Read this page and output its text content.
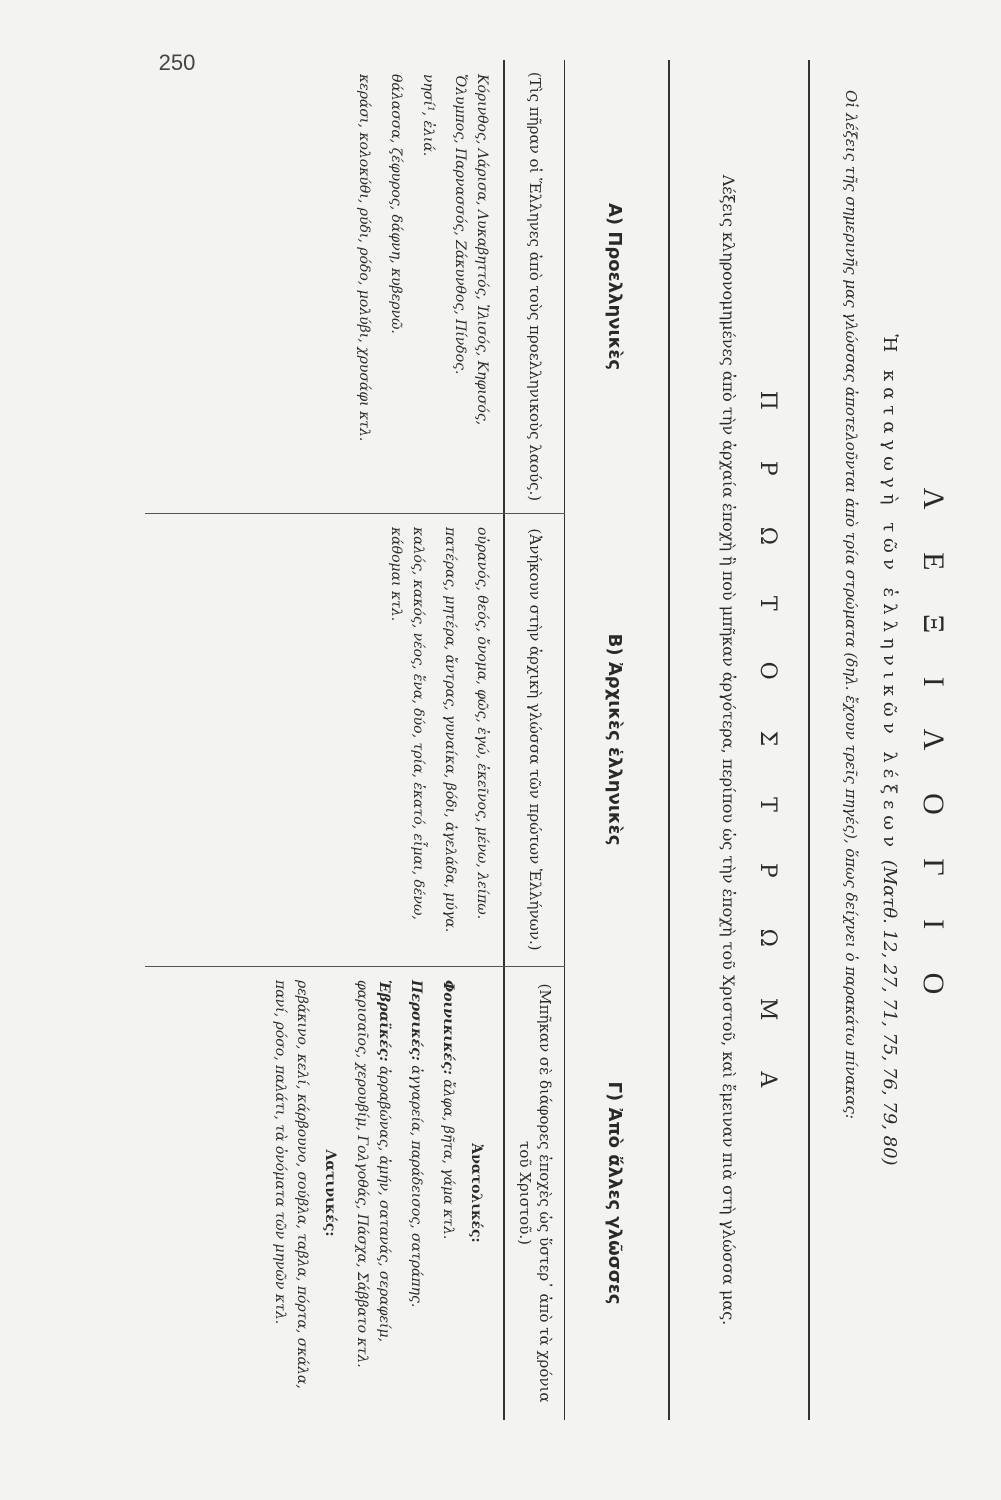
250
Λ Ε Ξ Ι Λ Ο Γ Ι Ο
Ἡ καταγωγὴ τῶν ἑλληνικῶν λέξεων (Ματθ. 12, 27, 71, 75, 76, 79, 80)
Οἱ λέξεις τῆς σημερινῆς μας γλώσσας ἀποτελοῦνται ἀπὸ τρία στρώματα (δηλ. ἔχουν τρεῖς πηγές), ὅπως δείχνει ὁ παρακάτω πίνακας:
Π Ρ Ω Τ Ο Σ Τ Ρ Ω Μ Α
Λέξεις κληρονομημένες ἀπὸ τὴν ἀρχαία ἐποχὴ ἢ ποὺ μπῆκαν ἀργότερα, περίπου ὡς τὴν ἐποχὴ τοῦ Χριστοῦ, καὶ ἔμειναν πιὰ στὴ γλώσσα μας.
Α) Προελληνικὲς
(Τὶς πῆραν οἱ Ἕλληνες ἀπὸ τοὺς προελληνικοὺς λαούς.)

Κόρινθος, Λάρισα, Λυκαβηττός, Ἰλισός, Κηφισός, Ὄλυμπος, Παρνασσός, Ζάκυνθος, Πίνδος.

νησί¹, ἐλιά.

θάλασσα, ζέφυρος, δάφνη, κυβερνῶ.

κεράσι, κολοκύθι, ρύδι, ρόδο, μολύβι, χρυσάφι κτλ.

Β) Ἀρχικὲς ἑλληνικὲς
(Ἀνήκουν στὴν ἀρχικὴ γλώσσα τῶν πρώτων Ἑλλήνων.)

οὐρανός, θεός, ὄνομα, φῶς, ἐγώ, ἐκεῖνος, μένω, λείπω.

πατέρας, μητέρα, ἄντρας, γυναίκα, βόδι, ἀγελάδα, μύγα.

καλός, κακός, νέος, ἕνα, δύο, τρία, ἑκατό, εἶμαι, δένω, κάθομαι κτλ.

Γ) Ἀπὸ ἄλλες γλῶσσες
(Μπῆκαν σὲ διάφορες ἐποχὲς ὡς ὕστερ᾿ ἀπὸ τὰ χρόνια τοῦ Χριστοῦ.)
Ἀνατολικές:

Φοινικικές: ἄλφα, βῆτα, γάμα κτλ.

Περσικές: ἀγγαρεία, παράδεισος, σατράπης.

Ἑβραϊκές: ἀρραβώνας, ἀμήν, σατανάς, σεραφείμ, φαρισαῖος, χερουβίμ, Γολγοθάς, Πάσχα, Σάββατο κτλ.

Λατινικές:

ρεβάκινο, κελί, κάρβουνο, σούβλα, ταβλα, πόρτα, σκάλα, πανί, ρόσο, παλάτι, τὰ ὀνόματα τῶν μηνῶν κτλ.
